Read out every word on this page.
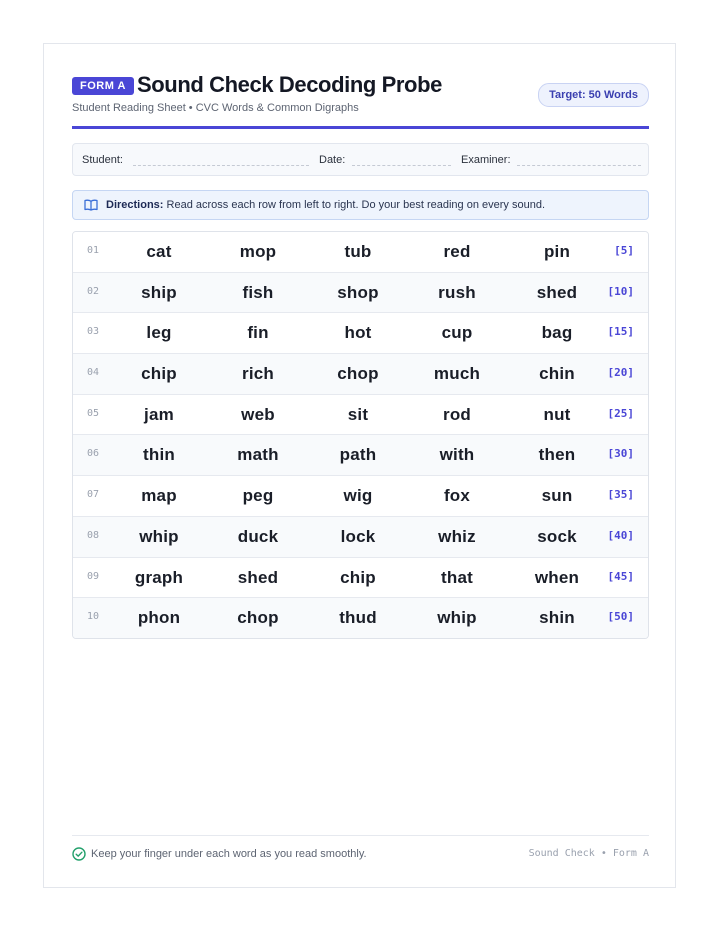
FORM A Sound Check Decoding Probe
Student Reading Sheet • CVC Words & Common Digraphs
Target: 50 Words
Student:	Date:	Examiner:
Directions: Read across each row from left to right. Do your best reading on every sound.
01	cat	mop	tub	red	pin	[5]
02	ship	fish	shop	rush	shed	[10]
03	leg	fin	hot	cup	bag	[15]
04	chip	rich	chop	much	chin	[20]
05	jam	web	sit	rod	nut	[25]
06	thin	math	path	with	then	[30]
07	map	peg	wig	fox	sun	[35]
08	whip	duck	lock	whiz	sock	[40]
09	graph	shed	chip	that	when	[45]
10	phon	chop	thud	whip	shin	[50]
Keep your finger under each word as you read smoothly.	Sound Check • Form A
